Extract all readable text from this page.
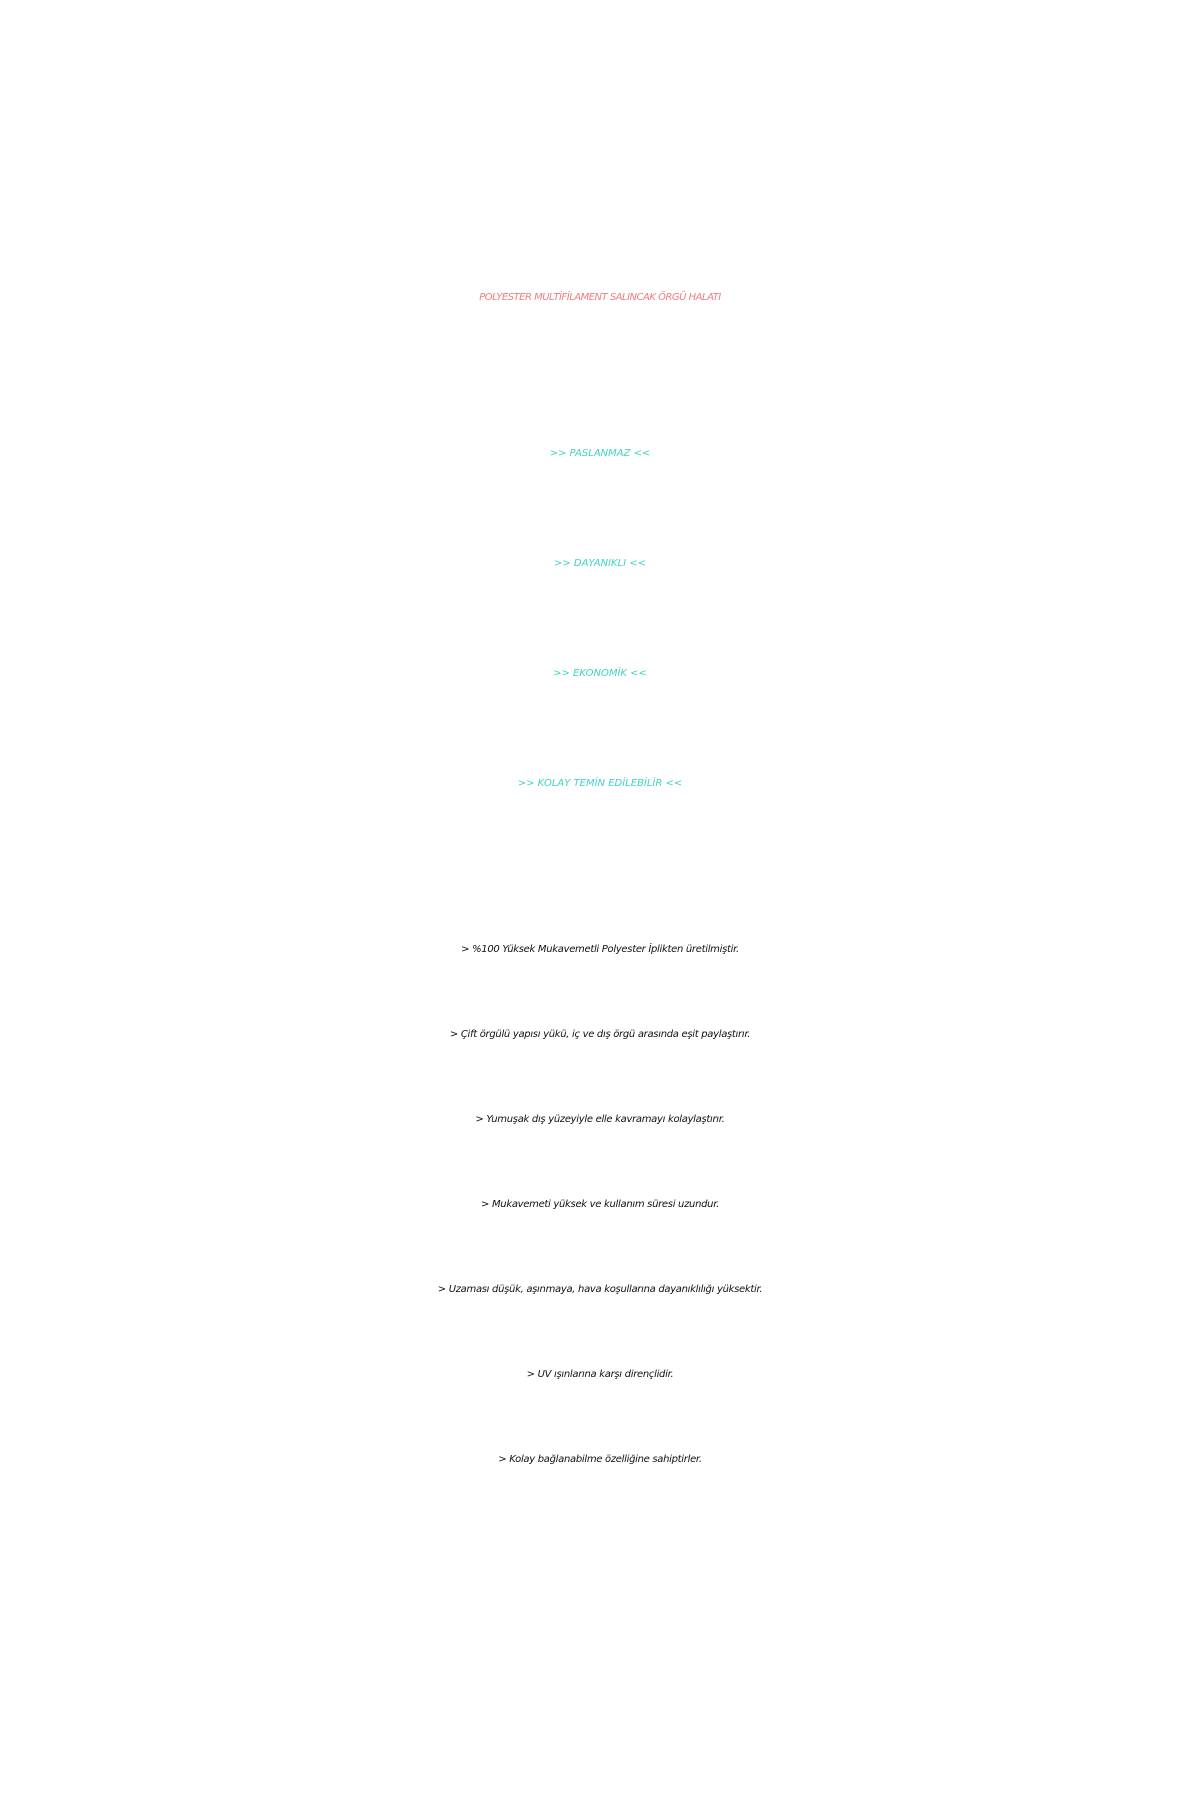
POLYESTER MULTİFİLAMENT SALINCAK ÖRGÜ HALATI

>> PASLANMAZ <<

>> DAYANIKLI <<

>> EKONOMİK <<

>> KOLAY TEMİN EDİLEBİLİR <<

> %100 Yüksek Mukavemetli Polyester İplikten üretilmiştir.

> Çift örgülü yapısı yükü, iç ve dış örgü arasında eşit paylaştırır.

> Yumuşak dış yüzeyiyle elle kavramayı kolaylaştırır.

> Mukavemeti yüksek ve kullanım süresi uzundur.

> Uzaması düşük, aşınmaya, hava koşullarına dayanıklılığı yüksektir.

> UV ışınlarına karşı dirençlidir.

> Kolay bağlanabilme özelliğine sahiptirler.
